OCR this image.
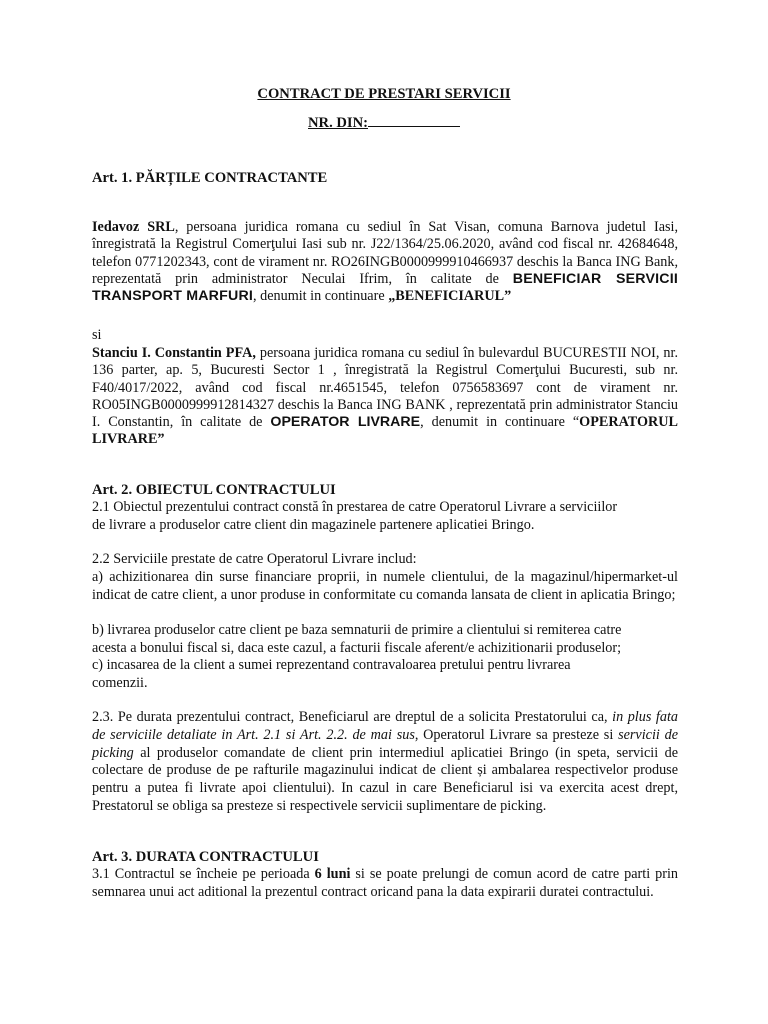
CONTRACT DE PRESTARI SERVICII
NR. DIN:
Art. 1. PĂRȚILE CONTRACTANTE

Iedavoz SRL, persoana juridica romana cu sediul în Sat Visan, comuna Barnova judetul Iasi, înregistrată la Registrul Comerţului Iasi sub nr. J22/1364/25.06.2020, având cod fiscal nr. 42684648, telefon 0771202343, cont de virament nr. RO26INGB0000999910466937 deschis la Banca ING Bank, reprezentată prin administrator Neculai Ifrim, în calitate de BENEFICIAR SERVICII TRANSPORT MARFURI, denumit in continuare „BENEFICIARUL”

si

Stanciu I. Constantin PFA, persoana juridica romana cu sediul în bulevardul BUCURESTII NOI, nr. 136 parter, ap. 5, Bucuresti Sector 1 , înregistrată la Registrul Comerţului Bucuresti, sub nr. F40/4017/2022, având cod fiscal nr.4651545, telefon 0756583697 cont de virament nr. RO05INGB0000999912814327 deschis la Banca ING BANK , reprezentată prin administrator Stanciu I. Constantin, în calitate de OPERATOR LIVRARE, denumit in continuare “OPERATORUL LIVRARE”

Art. 2. OBIECTUL CONTRACTULUI
2.1 Obiectul prezentului contract constă în prestarea de catre Operatorul Livrare a serviciilor
de livrare a produselor catre client din magazinele partenere aplicatiei Bringo.
2.2 Serviciile prestate de catre Operatorul Livrare includ:

a) achizitionarea din surse financiare proprii, in numele clientului, de la magazinul/hipermarket-ul indicat de catre client, a unor produse in conformitate cu comanda lansata de client in aplicatia Bringo;

b) livrarea produselor catre client pe baza semnaturii de primire a clientului si remiterea catre
acesta a bonului fiscal si, daca este cazul, a facturii fiscale aferent/e achizitionarii produselor;
c) incasarea de la client a sumei reprezentand contravaloarea pretului pentru livrarea
comenzii.

2.3. Pe durata prezentului contract, Beneficiarul are dreptul de a solicita Prestatorului ca, in plus fata de serviciile detaliate in Art. 2.1 si Art. 2.2. de mai sus, Operatorul Livrare sa presteze si servicii de picking al produselor comandate de client prin intermediul aplicatiei Bringo (in speta, servicii de colectare de produse de pe rafturile magazinului indicat de client și ambalarea respectivelor produse pentru a putea fi livrate apoi clientului). In cazul in care Beneficiarul isi va exercita acest drept, Prestatorul se obliga sa presteze si respectivele servicii suplimentare de picking.

Art. 3. DURATA CONTRACTULUI

3.1 Contractul se încheie pe perioada 6 luni si se poate prelungi de comun acord de catre parti prin semnarea unui act aditional la prezentul contract oricand pana la data expirarii duratei contractului.
